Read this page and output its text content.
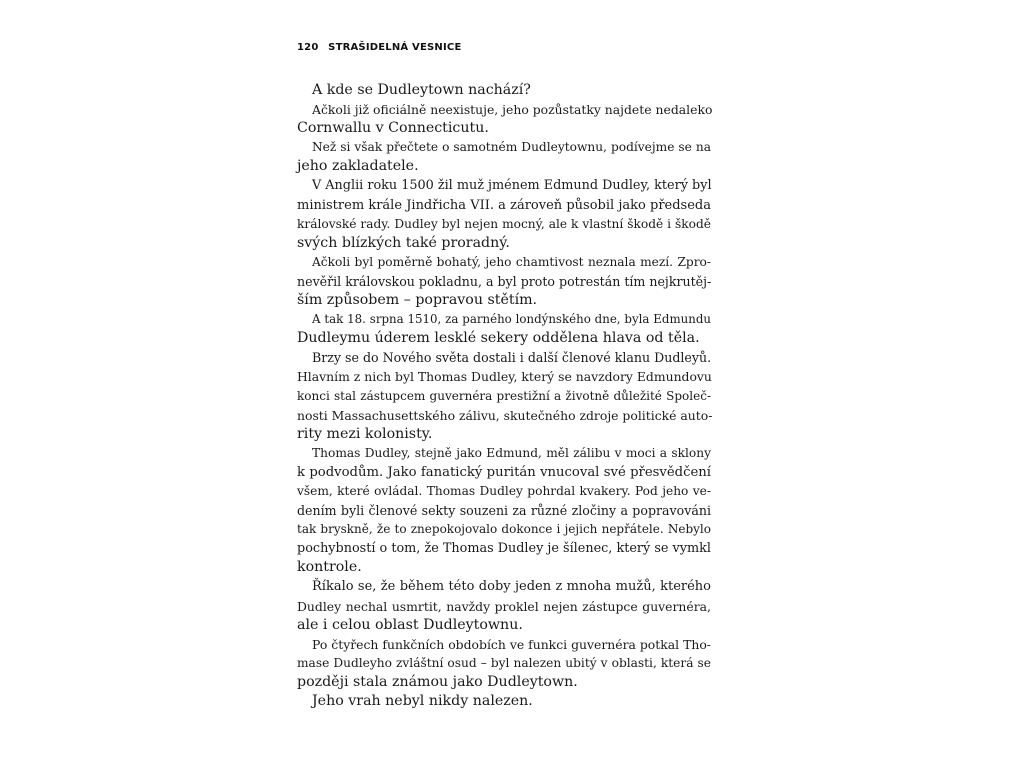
120 STRAŠIDELNÁ VESNICE
A kde se Dudleytown nachází?
Ačkoli již oficiálně neexistuje, jeho pozůstatky najdete nedaleko
Cornwallu v Connecticutu.
Než si však přečtete o samotném Dudleytownu, podívejme se na
jeho zakladatele.
V Anglii roku 1500 žil muž jménem Edmund Dudley, který byl
ministrem krále Jindřicha VII. a zároveň působil jako předseda
královské rady. Dudley byl nejen mocný, ale k vlastní škodě i škodě
svých blízkých také proradný.
Ačkoli byl poměrně bohatý, jeho chamtivost neznala mezí. Zpro-
nevěřil královskou pokladnu, a byl proto potrestán tím nejkrutěj-
ším způsobem – popravou stětím.
A tak 18. srpna 1510, za parného londýnského dne, byla Edmundu
Dudleymu úderem lesklé sekery oddělena hlava od těla.
Brzy se do Nového světa dostali i další členové klanu Dudleyů.
Hlavním z nich byl Thomas Dudley, který se navzdory Edmundovu
konci stal zástupcem guvernéra prestižní a životně důležité Společ-
nosti Massachusettského zálivu, skutečného zdroje politické auto-
rity mezi kolonisty.
Thomas Dudley, stejně jako Edmund, měl zálibu v moci a sklony
k podvodům. Jako fanatický puritán vnucoval své přesvědčení
všem, které ovládal. Thomas Dudley pohrdal kvakery. Pod jeho ve-
dením byli členové sekty souzeni za různé zločiny a popravováni
tak bryskně, že to znepokojovalo dokonce i jejich nepřátele. Nebylo
pochybností o tom, že Thomas Dudley je šílenec, který se vymkl
kontrole.
Říkalo se, že během této doby jeden z mnoha mužů, kterého
Dudley nechal usmrtit, navždy proklel nejen zástupce guvernéra,
ale i celou oblast Dudleytownu.
Po čtyřech funkčních obdobích ve funkci guvernéra potkal Tho-
mase Dudleyho zvláštní osud – byl nalezen ubitý v oblasti, která se
později stala známou jako Dudleytown.
Jeho vrah nebyl nikdy nalezen.
